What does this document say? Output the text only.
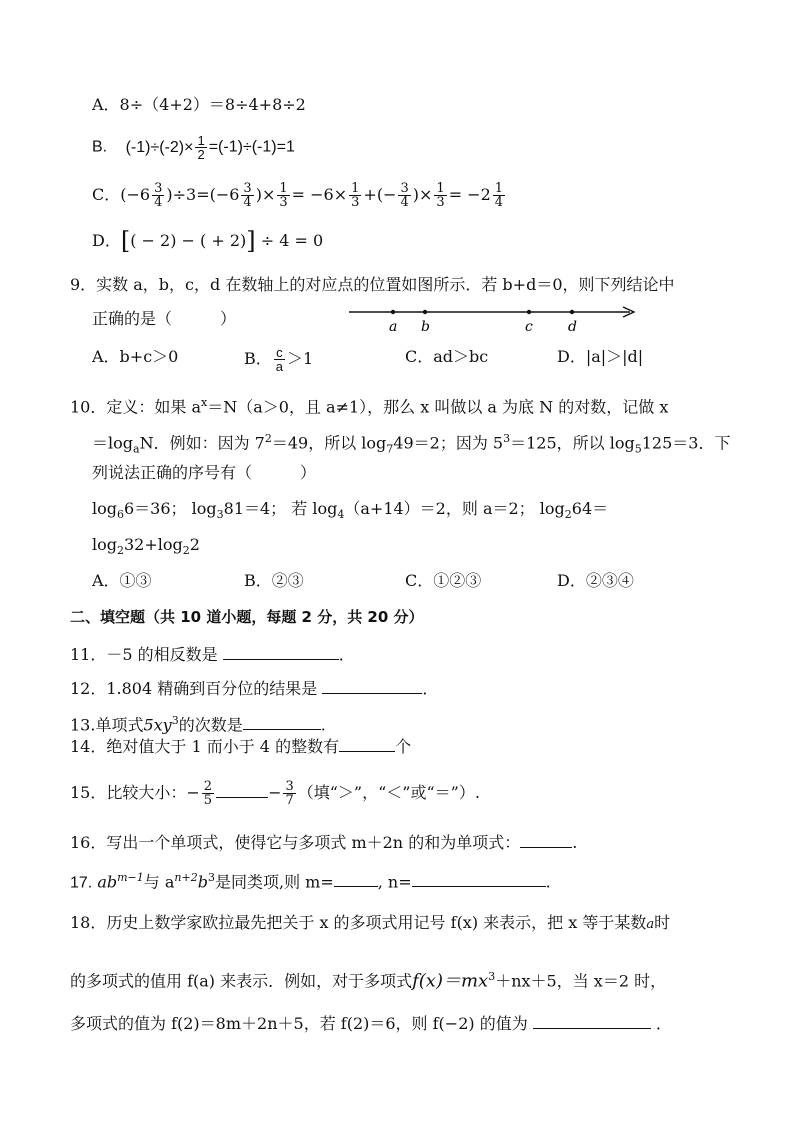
A．8÷（4+2）＝8÷4+8÷2
B. $(-1)\div(-2)\times \frac{1}{2} =(-1)\div(-1)=1$
C．$(-6 \frac{3}{4} )\div 3=(-6 \frac{3}{4}$ )× $\frac{1}{3} = -6\times \frac{1}{3}$ +(− $\frac{3}{4}$ )× $\frac{1}{3} = -2 \frac{1}{4}$
D．[( − 2) − ( + 2)] ÷ 4 = 0
9．实数 a，b，c，d 在数轴上的对应点的位置如图所示．若 b+d＝0，则下列结论中
正确的是（　　　）	a b	c	d
A．b+c＞0	B． $\frac{c}{a} >1$	C．ad＞bc	D．|a|＞|d|
10．定义：如果 $a^x=N(a>0$，且 a≠1），那么 x 叫做以 a 为底 N 的对数，记做 x
$=\log_aN$．例如：因为 $7^2=49$，所以 $\log_749=2$；因为 $5^3=125$，所以 $\log_5125=3$．下
列说法正确的序号有（　　　）
$\log_66=36$； $\log_381=4$； 若 $\log_4(a+14)=2$，则 a＝2； $\log_264=$
$\log_232+\log_22$
A．①③	B．②③	C．①②③	D．②③④
二、填空题（共 10 道小题，每题 2 分，共 20 分）
11．－5 的相反数是	．
12．1.804 精确到百分位的结果是	．
13.单项式$5xy^3$的次数是	.
14．绝对值大于 1 而小于 4 的整数有	个
15．比较大小：− $\frac{2}{5}$	− $\frac{3}{7}$ （填“＞”，“＜”或“＝”）.
16．写出一个单项式，使得它与多项式 m＋2n 的和为单项式：	.
17. $ab^{m-1}$与 $a^{n+2}b^3$是同类项,则 m=	, n=	.
18．历史上数学家欧拉最先把关于 x 的多项式用记号 f(x) 来表示，把 x 等于某数a时
的多项式的值用 f(a) 来表示．例如，对于多项式$f(x)=mx^3+nx+5$，当 x＝2 时，
多项式的值为 f(2)＝8m＋2n＋5，若 f(2)＝6，则 f(−2) 的值为	．
